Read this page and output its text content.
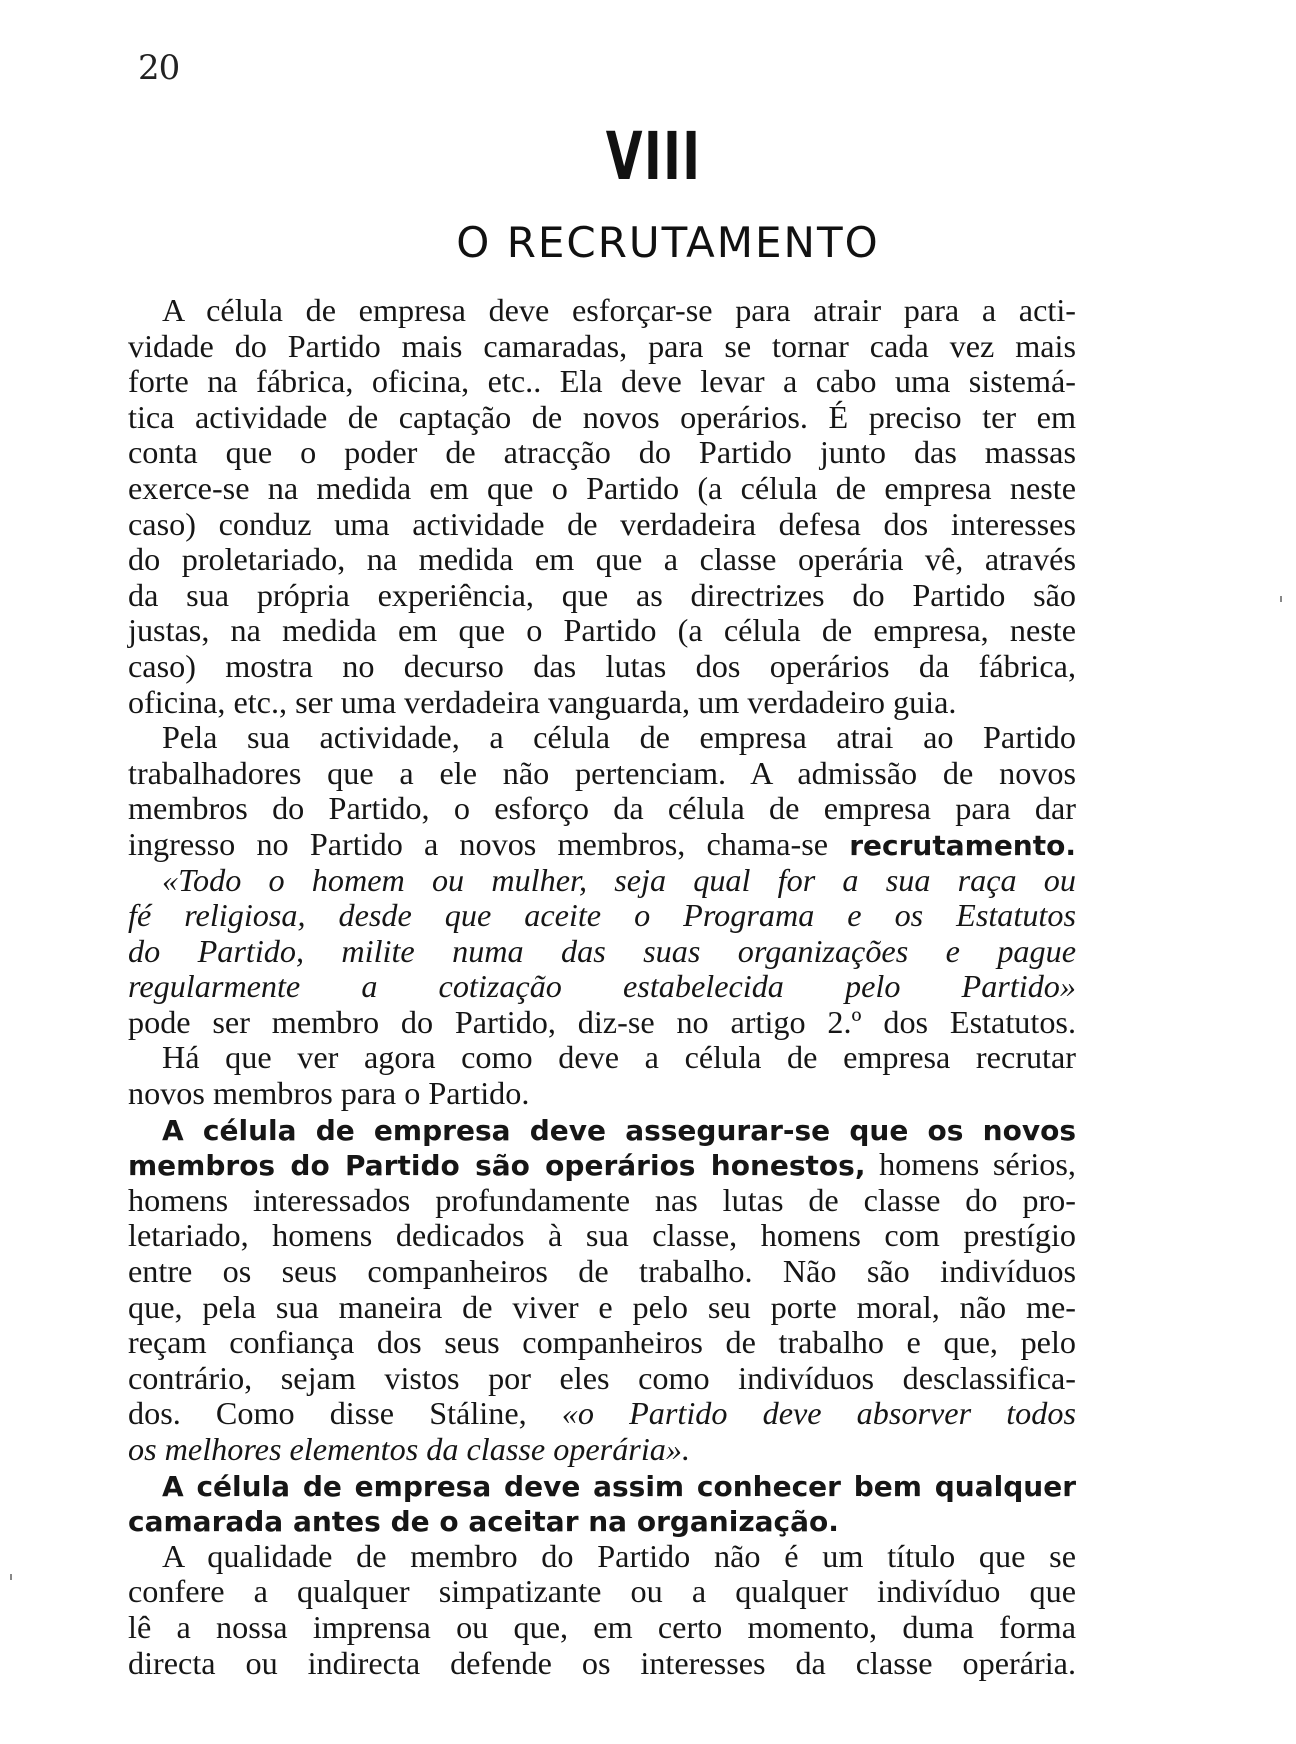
20
VIII
O RECRUTAMENTO
A célula de empresa deve esforçar-se para atrair para a acti-
vidade do Partido mais camaradas, para se tornar cada vez mais
forte na fábrica, oficina, etc.. Ela deve levar a cabo uma sistemá-
tica actividade de captação de novos operários. É preciso ter em
conta que o poder de atracção do Partido junto das massas
exerce-se na medida em que o Partido (a célula de empresa neste
caso) conduz uma actividade de verdadeira defesa dos interesses
do proletariado, na medida em que a classe operária vê, através
da sua própria experiência, que as directrizes do Partido são
justas, na medida em que o Partido (a célula de empresa, neste
caso) mostra no decurso das lutas dos operários da fábrica,
oficina, etc., ser uma verdadeira vanguarda, um verdadeiro guia.
Pela sua actividade, a célula de empresa atrai ao Partido
trabalhadores que a ele não pertenciam. A admissão de novos
membros do Partido, o esforço da célula de empresa para dar
ingresso no Partido a novos membros, chama-se recrutamento.
«Todo o homem ou mulher, seja qual for a sua raça ou
fé religiosa, desde que aceite o Programa e os Estatutos
do Partido, milite numa das suas organizações e pague
regularmente a cotização estabelecida pelo Partido»
pode ser membro do Partido, diz-se no artigo 2.º dos Estatutos.
Há que ver agora como deve a célula de empresa recrutar
novos membros para o Partido.
A célula de empresa deve assegurar-se que os novos
membros do Partido são operários honestos, homens sérios,
homens interessados profundamente nas lutas de classe do pro-
letariado, homens dedicados à sua classe, homens com prestígio
entre os seus companheiros de trabalho. Não são indivíduos
que, pela sua maneira de viver e pelo seu porte moral, não me-
reçam confiança dos seus companheiros de trabalho e que, pelo
contrário, sejam vistos por eles como indivíduos desclassifica-
dos. Como disse Stáline, «o Partido deve absorver todos
os melhores elementos da classe operária».
A célula de empresa deve assim conhecer bem qualquer
camarada antes de o aceitar na organização.
A qualidade de membro do Partido não é um título que se
confere a qualquer simpatizante ou a qualquer indivíduo que
lê a nossa imprensa ou que, em certo momento, duma forma
directa ou indirecta defende os interesses da classe operária.
